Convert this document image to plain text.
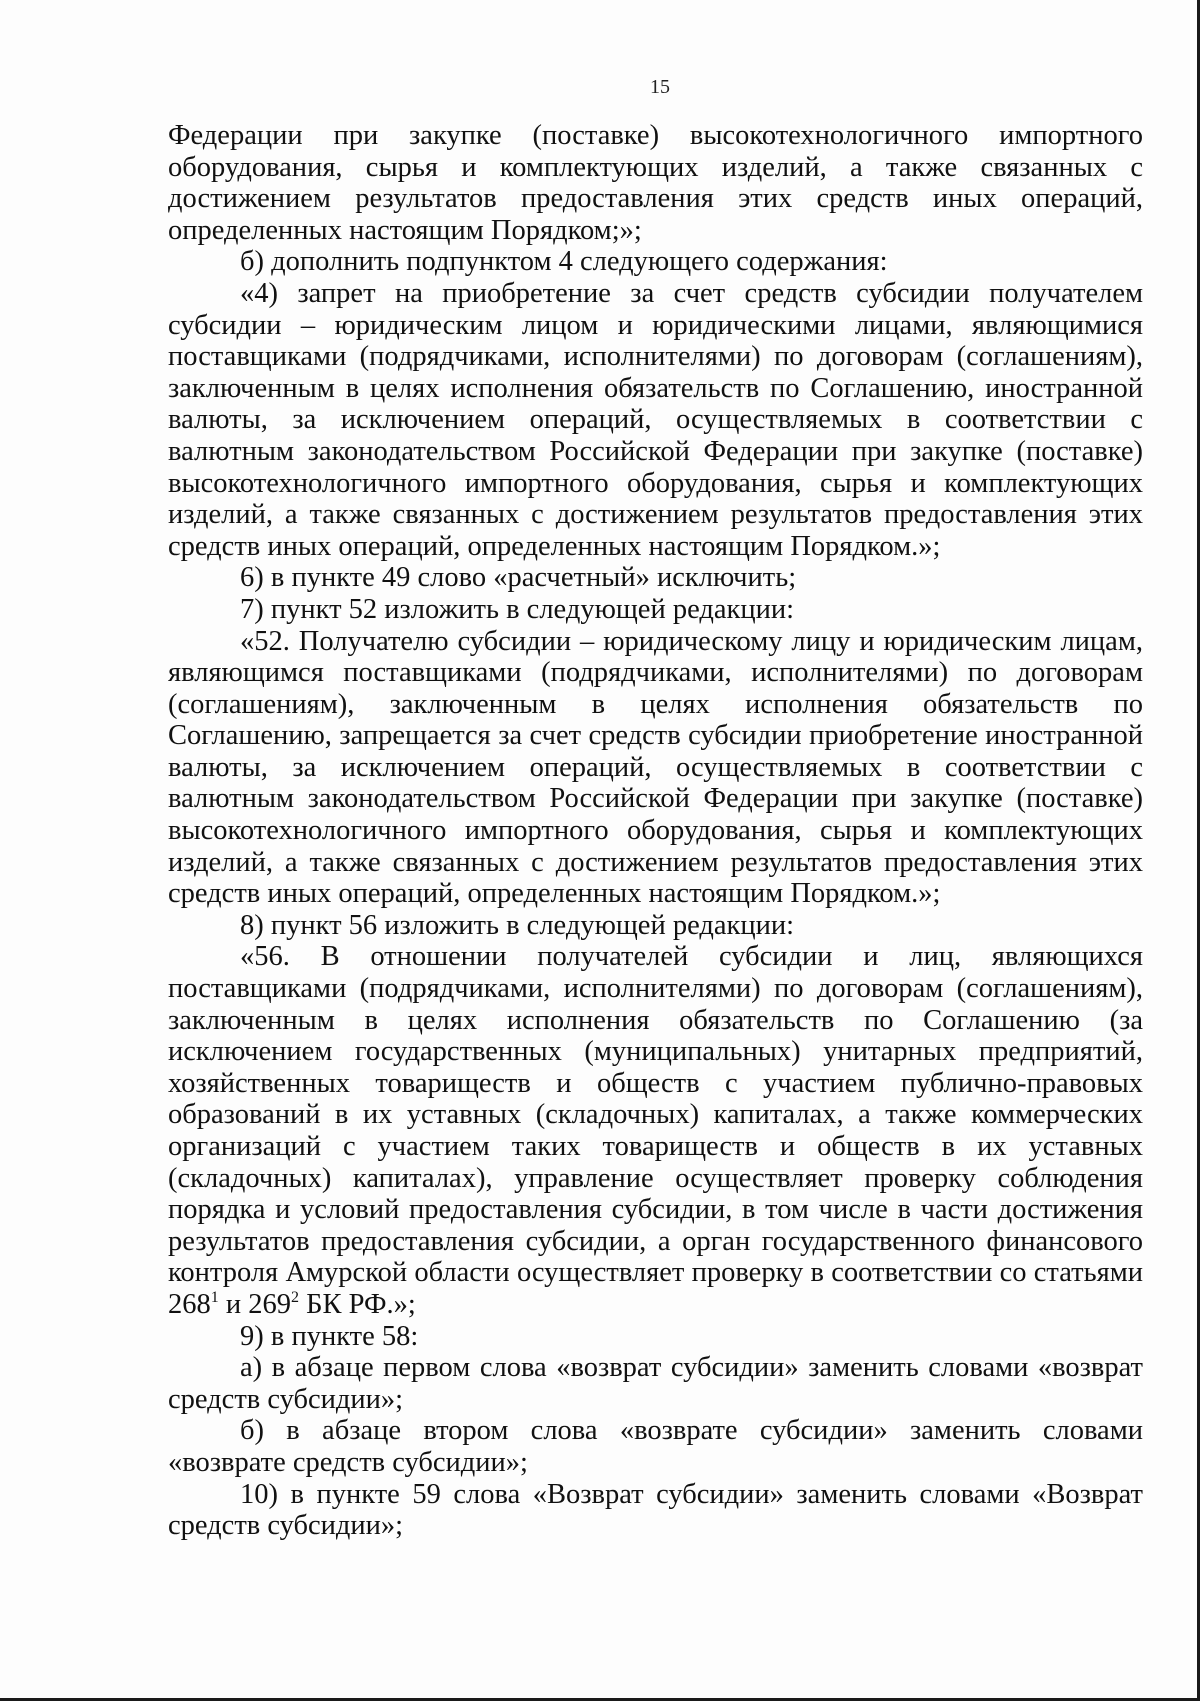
15

Федерации при закупке (поставке) высокотехнологичного импортного оборудования, сырья и комплектующих изделий, а также связанных с достижением результатов предоставления этих средств иных операций, определенных настоящим Порядком;»;

б) дополнить подпунктом 4 следующего содержания:

«4) запрет на приобретение за счет средств субсидии получателем субсидии – юридическим лицом и юридическими лицами, являющимися поставщиками (подрядчиками, исполнителями) по договорам (соглашениям), заключенным в целях исполнения обязательств по Соглашению, иностранной валюты, за исключением операций, осуществляемых в соответствии с валютным законодательством Российской Федерации при закупке (поставке) высокотехнологичного импортного оборудования, сырья и комплектующих изделий, а также связанных с достижением результатов предоставления этих средств иных операций, определенных настоящим Порядком.»;

6) в пункте 49 слово «расчетный» исключить;

7) пункт 52 изложить в следующей редакции:

«52. Получателю субсидии – юридическому лицу и юридическим лицам, являющимся поставщиками (подрядчиками, исполнителями) по договорам (соглашениям), заключенным в целях исполнения обязательств по Соглашению, запрещается за счет средств субсидии приобретение иностранной валюты, за исключением операций, осуществляемых в соответствии с валютным законодательством Российской Федерации при закупке (поставке) высокотехнологичного импортного оборудования, сырья и комплектующих изделий, а также связанных с достижением результатов предоставления этих средств иных операций, определенных настоящим Порядком.»;

8) пункт 56 изложить в следующей редакции:

«56. В отношении получателей субсидии и лиц, являющихся поставщиками (подрядчиками, исполнителями) по договорам (соглашениям), заключенным в целях исполнения обязательств по Соглашению (за исключением государственных (муниципальных) унитарных предприятий, хозяйственных товариществ и обществ с участием публично-правовых образований в их уставных (складочных) капиталах, а также коммерческих организаций с участием таких товариществ и обществ в их уставных (складочных) капиталах), управление осуществляет проверку соблюдения порядка и условий предоставления субсидии, в том числе в части достижения результатов предоставления субсидии, а орган государственного финансового контроля Амурской области осуществляет проверку в соответствии со статьями $268^1$ и $269^2$ БК РФ.»;

9) в пункте 58:

а) в абзаце первом слова «возврат субсидии» заменить словами «возврат средств субсидии»;

б) в абзаце втором слова «возврате субсидии» заменить словами «возврате средств субсидии»;

10) в пункте 59 слова «Возврат субсидии» заменить словами «Возврат средств субсидии»;
